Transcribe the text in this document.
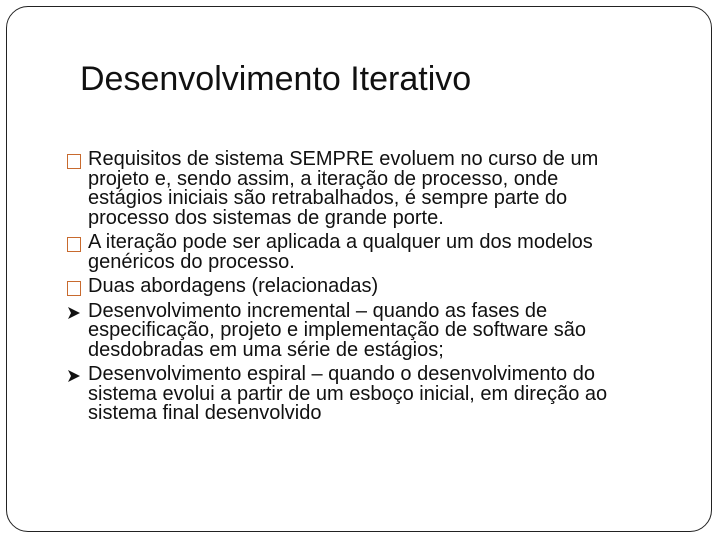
Desenvolvimento Iterativo
Requisitos de sistema SEMPRE evoluem no curso de um projeto e, sendo assim, a iteração de processo, onde estágios iniciais são retrabalhados, é sempre parte do processo dos sistemas de grande porte.
A iteração pode ser aplicada a qualquer um dos modelos genéricos do processo.
Duas abordagens (relacionadas)
Desenvolvimento incremental – quando as fases de especificação, projeto e implementação de software são desdobradas em uma série de estágios;
Desenvolvimento espiral – quando o desenvolvimento do sistema evolui a partir de um esboço inicial, em direção ao sistema final desenvolvido
